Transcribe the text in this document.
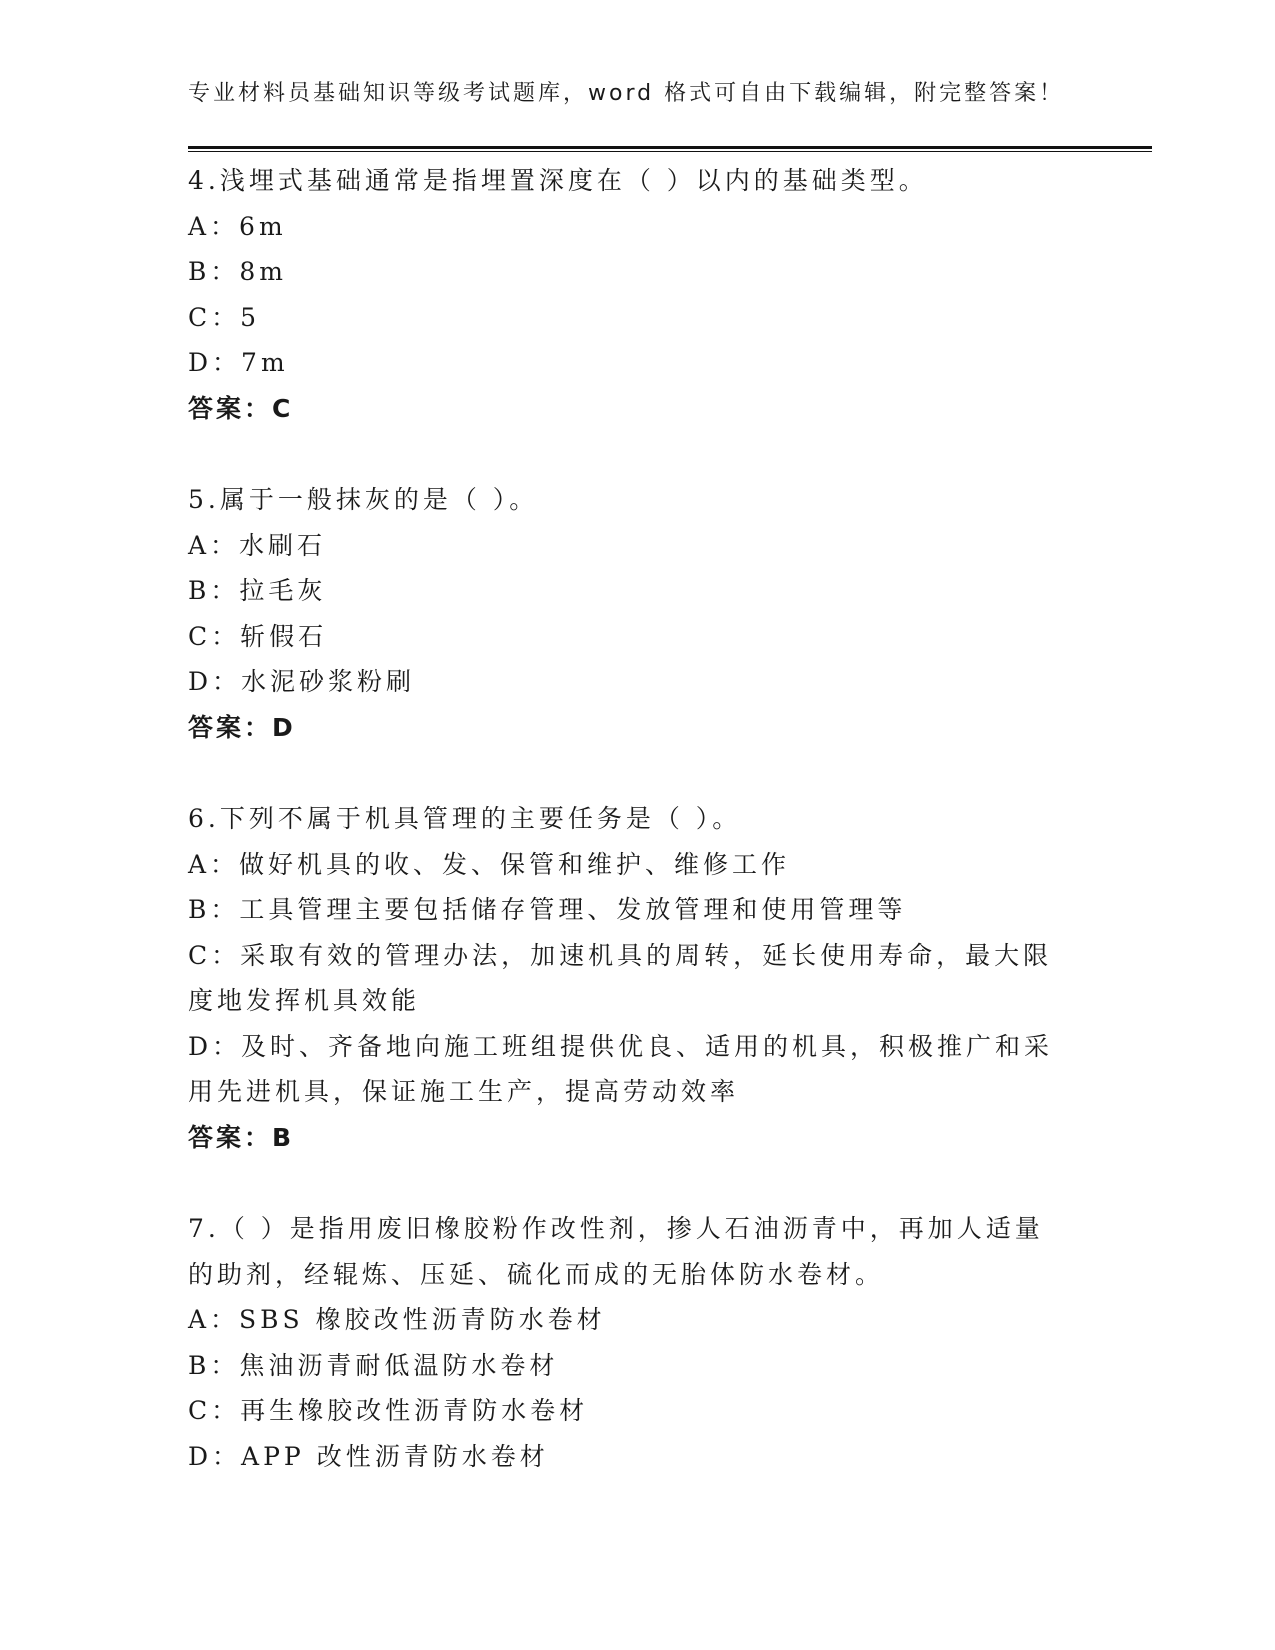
专业材料员基础知识等级考试题库，word 格式可自由下载编辑，附完整答案！
4.浅埋式基础通常是指埋置深度在（ ）以内的基础类型。
A：6m
B：8m
C：5
D：7m
答案：C
5.属于一般抹灰的是（ ）。
A：水刷石
B：拉毛灰
C：斩假石
D：水泥砂浆粉刷
答案：D
6.下列不属于机具管理的主要任务是（ ）。
A：做好机具的收、发、保管和维护、维修工作
B：工具管理主要包括储存管理、发放管理和使用管理等
C：采取有效的管理办法，加速机具的周转，延长使用寿命，最大限度地发挥机具效能
D：及时、齐备地向施工班组提供优良、适用的机具，积极推广和采用先进机具，保证施工生产，提高劳动效率
答案：B
7.（ ）是指用废旧橡胶粉作改性剂，掺人石油沥青中，再加人适量的助剂，经辊炼、压延、硫化而成的无胎体防水卷材。
A：SBS 橡胶改性沥青防水卷材
B：焦油沥青耐低温防水卷材
C：再生橡胶改性沥青防水卷材
D：APP 改性沥青防水卷材
